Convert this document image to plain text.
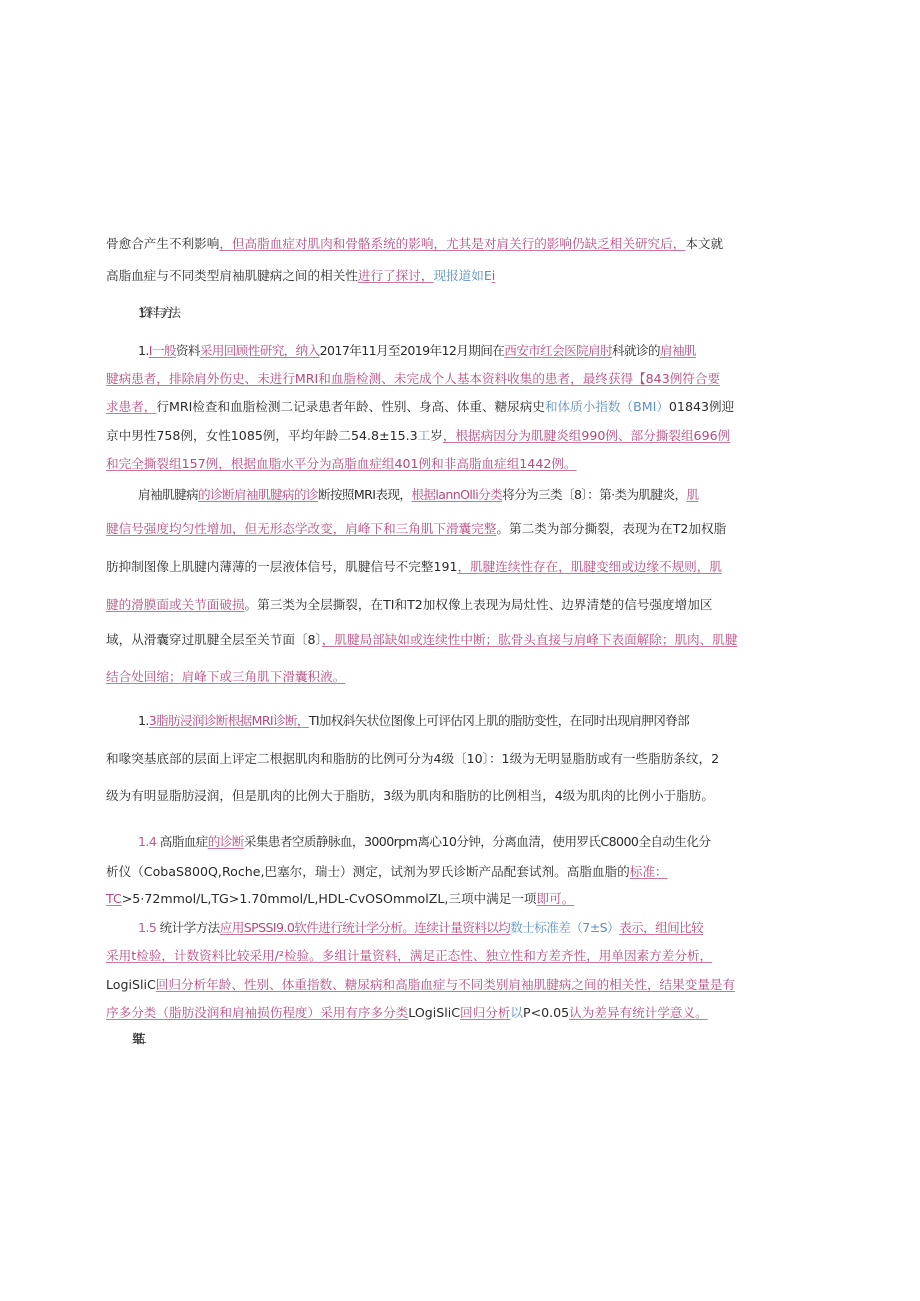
骨愈合产生不利影响，但高脂血症对肌肉和骨骼系统的影响，尤其是对肩关行的影响仍缺乏相关研究后，本文就

高脂血症与不同类型肩袖肌腱病之间的相关性进行了探讨，现报道如Ei

1.资料与方法

1.I一般资料采用回顾性研究，纳入2017年11月至2019年12月期间在西安市红会医院肩肘科就诊的肩袖肌

腱病患者，排除肩外伤史、未进行MRI和血脂检测、未完成个人基本资料收集的患者，最终获得【843例符合要

求患者，行MRI检查和血脂检测二记录患者年龄、性别、身高、体重、糖尿病史和体质小指数（BMI）01843例迎

京中男性758例，女性1085例，平均年龄二54.8±15.3工岁，根据病因分为肌腱炎组990例、部分撕裂组696例

和完全撕裂组157例，根据血脂水平分为高脂血症组401例和非高脂血症组1442例。

肩袖肌腱病的诊断肩袖肌腱病的诊断按照MRI表现，根据lannOlli分类将分为三类〔8〕：第·类为肌腱炎，肌

腱信号强度均匀性增加，但无形态学改变，肩峰下和三角肌下滑囊完整。第二类为部分撕裂，表现为在T2加权脂

肪抑制图像上肌腱内薄薄的一层液体信号，肌腱信号不完整191，肌腱连续性存在，肌腱变细或边缘不规则，肌

腱的滑膜面或关节面破损。第三类为全层撕裂，在TI和T2加权像上表现为局灶性、边界清楚的信号强度增加区

域，从滑囊穿过肌腱全层至关节面〔8〕，肌腱局部缺如或连续性中断；肱骨头直接与肩峰下表面解除；肌肉、肌腱

结合处回缩；肩峰下或三角肌下滑囊积液。

1.3脂肪浸润诊断根据MRI诊断，TI加权斜矢状位图像上可评估冈上肌的脂肪变性，在同时出现肩胛冈脊部

和喙突基底部的层面上评定二根据肌肉和脂肪的比例可分为4级〔10〕：1级为无明显脂肪或有一些脂肪条纹，2

级为有明显脂肪浸润，但是肌肉的比例大于脂肪，3级为肌肉和脂肪的比例相当，4级为肌肉的比例小于脂肪。

1.4 高脂血症的诊断采集患者空质静脉血，3000rpm离心10分钟，分离血清，使用罗氏C8000全自动生化分

析仪（CobaS800Q,Roche,巴塞尔，瑞士）测定，试剂为罗氏诊断产品配套试剂。高脂血脂的标准：

TC>5·72mmol∕L,TG>1.70mmol∕L,HDL-CvOSOmmolZL,三项中满足一项即可。

1.5 统计学方法应用SPSSI9.0软件进行统计学分析。连续计量资料以均数士标准差（7±S）表示，组间比较

采用t检验，计数资料比较采用/²检验。多组计量资料，满足正态性、独立性和方差齐性，用单因素方差分析，

LogiSliC回归分析年龄、性别、体重指数、糖尿病和高脂血症与不同类别肩袖肌腱病之间的相关性，结果变量是有

序多分类（脂肪没润和肩袖损伤程度）采用有序多分类LOgiSliC回归分析以P<0.05认为差异有统计学意义。
